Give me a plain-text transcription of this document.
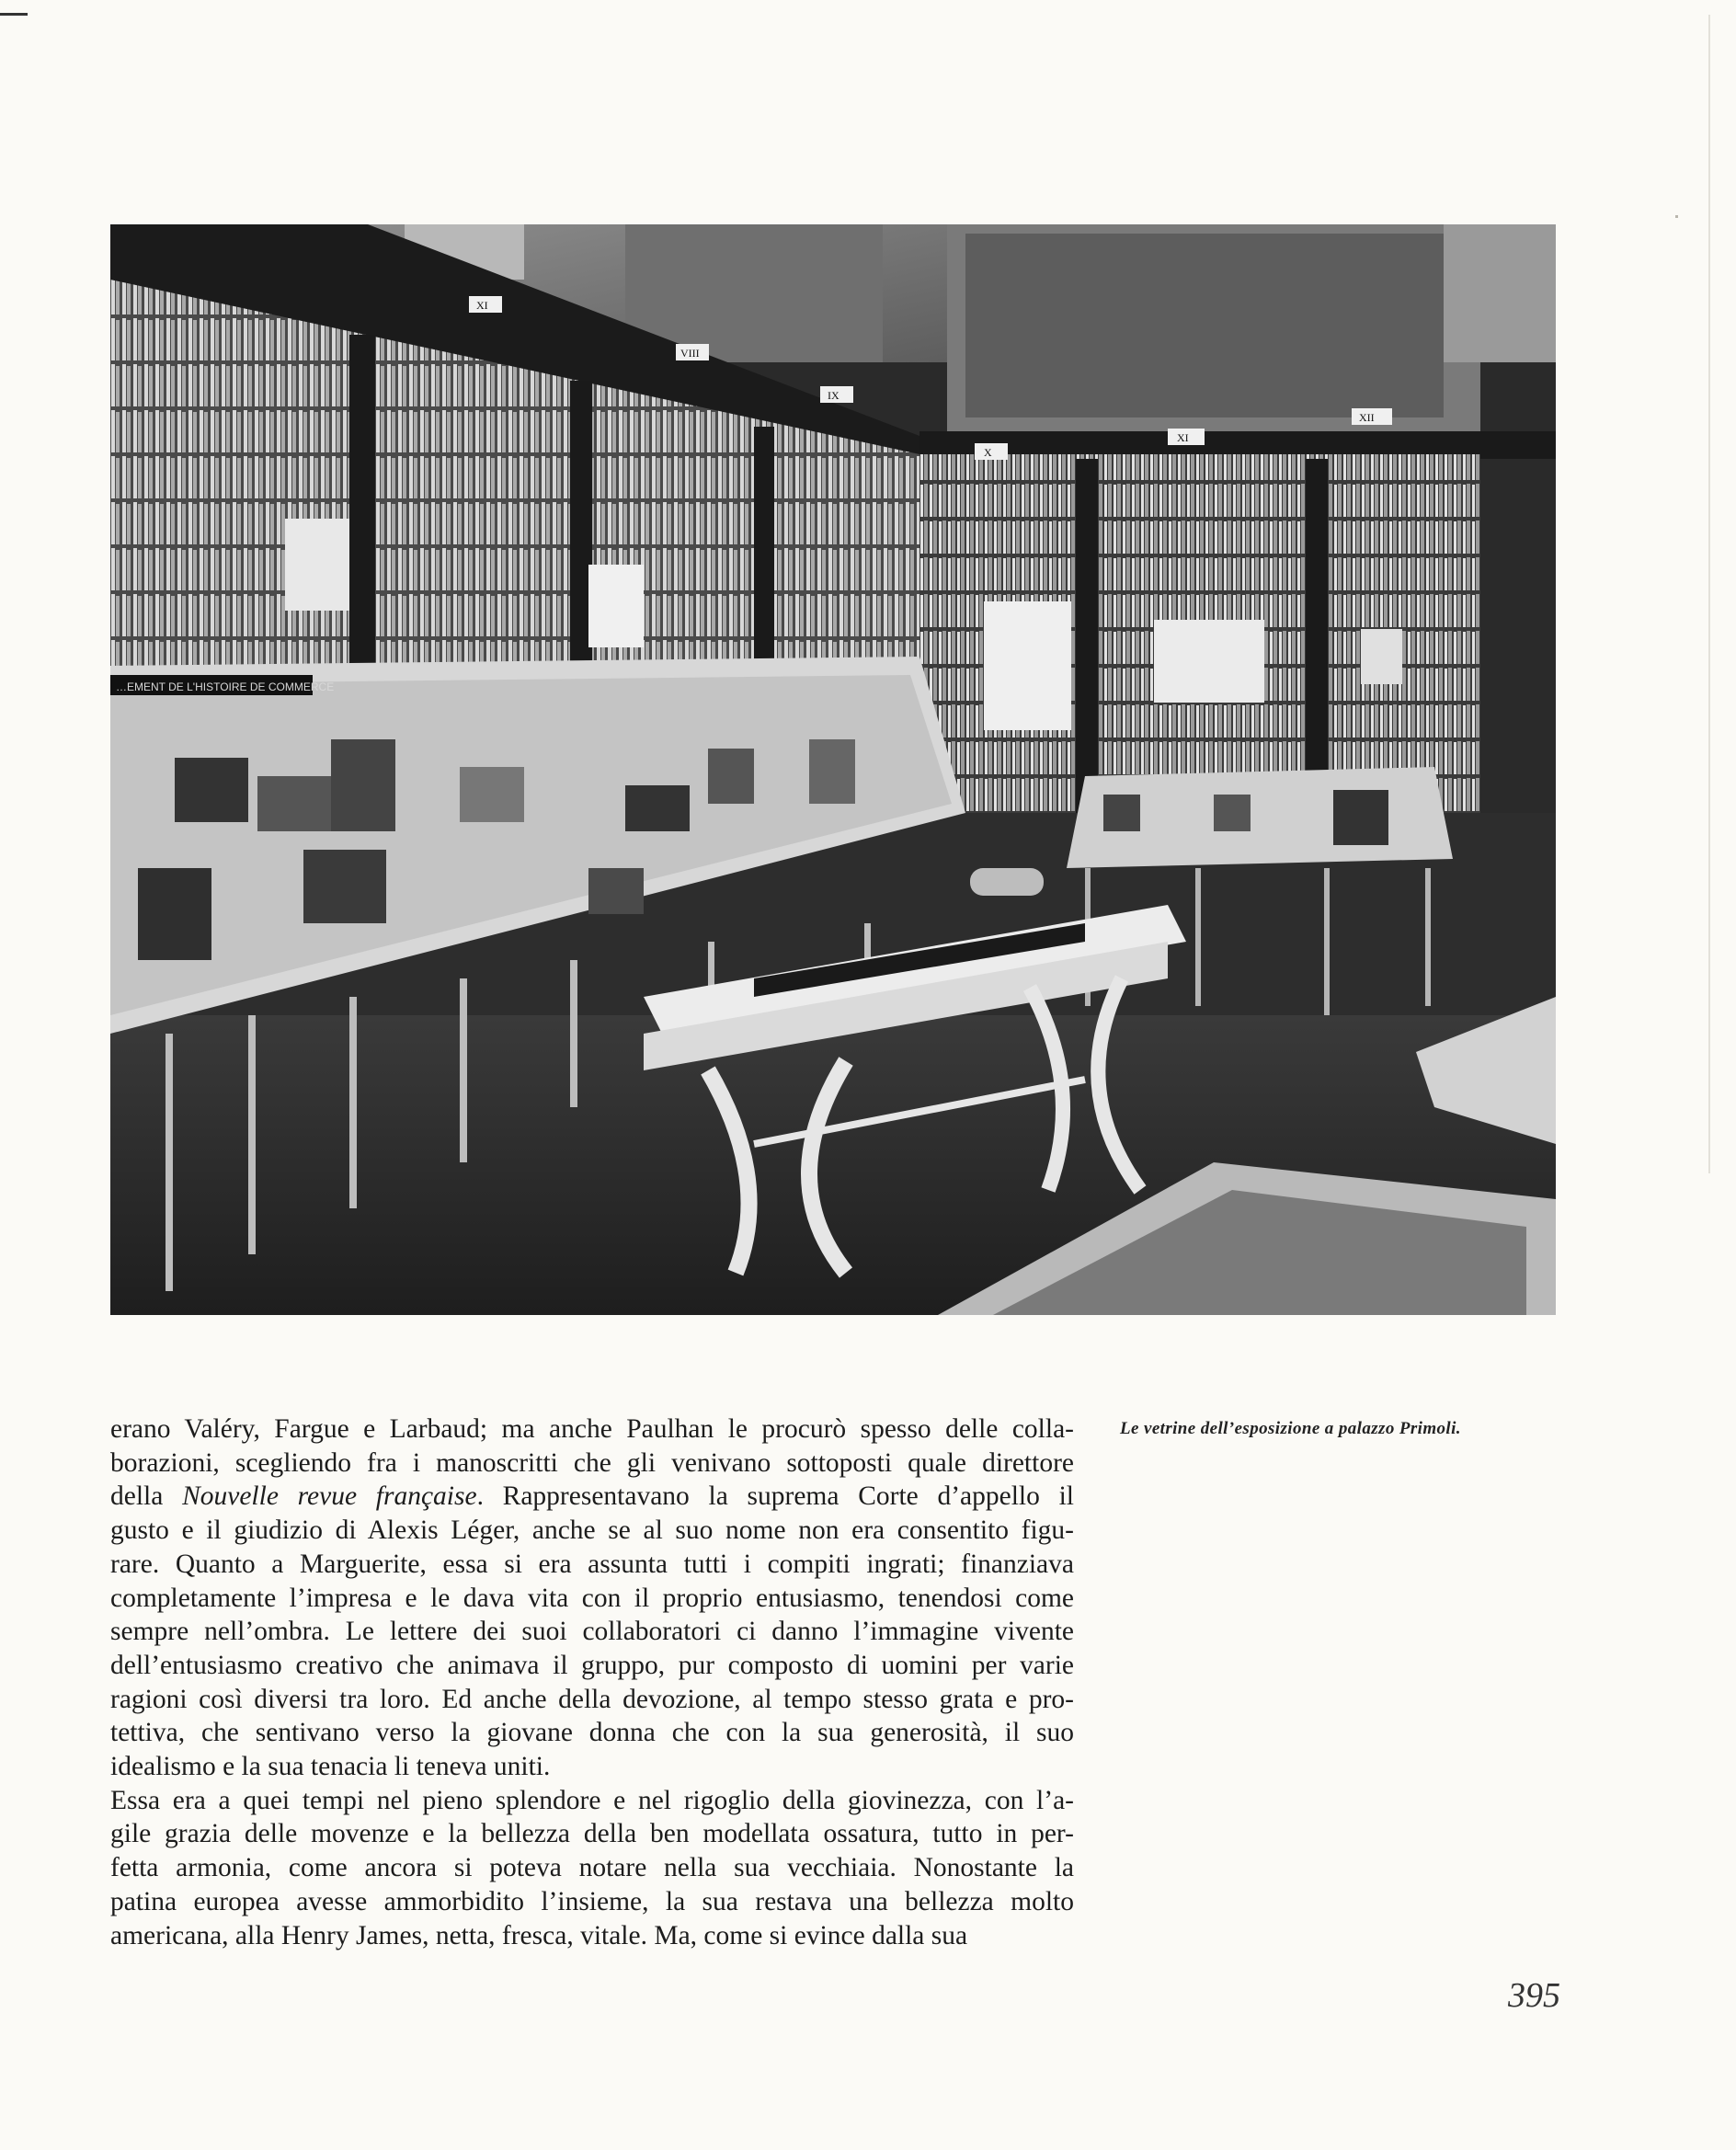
…EMENT DE L'HISTOIRE DE COMMERCE
XI
VIII
IX
X
XI
XII

erano Valéry, Fargue e Larbaud; ma anche Paulhan le procurò spesso delle colla-
borazioni, scegliendo fra i manoscritti che gli venivano sottoposti quale direttore
della Nouvelle revue française. Rappresentavano la suprema Corte d’appello il
gusto e il giudizio di Alexis Léger, anche se al suo nome non era consentito figu-
rare. Quanto a Marguerite, essa si era assunta tutti i compiti ingrati; finanziava
completamente l’impresa e le dava vita con il proprio entusiasmo, tenendosi come
sempre nell’ombra. Le lettere dei suoi collaboratori ci danno l’immagine vivente
dell’entusiasmo creativo che animava il gruppo, pur composto di uomini per varie
ragioni così diversi tra loro. Ed anche della devozione, al tempo stesso grata e pro-
tettiva, che sentivano verso la giovane donna che con la sua generosità, il suo
idealismo e la sua tenacia li teneva uniti.

Essa era a quei tempi nel pieno splendore e nel rigoglio della giovinezza, con l’a-
gile grazia delle movenze e la bellezza della ben modellata ossatura, tutto in per-
fetta armonia, come ancora si poteva notare nella sua vecchiaia. Nonostante la
patina europea avesse ammorbidito l’insieme, la sua restava una bellezza molto
americana, alla Henry James, netta, fresca, vitale. Ma, come si evince dalla sua

Le vetrine dell’esposizione a palazzo Primoli.
395
